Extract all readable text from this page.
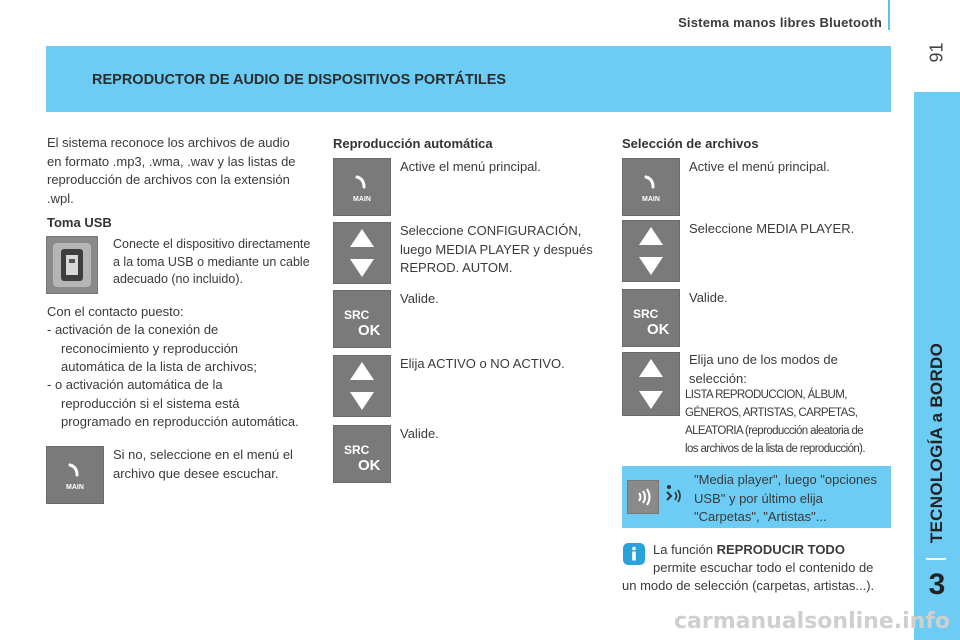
Sistema manos libres Bluetooth
91
REPRODUCTOR DE AUDIO DE DISPOSITIVOS PORTÁTILES
TECNOLOGÍA a BORDO
3
El sistema reconoce los archivos de audio
en formato .mp3, .wma, .wav y las listas de
reproducción de archivos con la extensión
.wpl.
Toma USB
Conecte el dispositivo directamente
a la toma USB o mediante un cable
adecuado (no incluido).
Con el contacto puesto:
- activación de la conexión de
reconocimiento y reproducción
automática de la lista de archivos;
- o activación automática de la
reproducción si el sistema está
programado en reproducción automática.
MAIN
Si no, seleccione en el menú el
archivo que desee escuchar.
Reproducción automática
MAIN
Active el menú principal.
Seleccione CONFIGURACIÓN,
luego MEDIA PLAYER y después
REPROD. AUTOM.
SRC
OK
Valide.
Elija ACTIVO o NO ACTIVO.
SRC
OK
Valide.
Selección de archivos
MAIN
Active el menú principal.
Seleccione MEDIA PLAYER.
SRC
OK
Valide.
Elija uno de los modos de
selección:
LISTA REPRODUCCION, ÁLBUM,
GÉNEROS, ARTISTAS, CARPETAS,
ALEATORIA (reproducción aleatoria de
los archivos de la lista de reproducción).
"Media player", luego "opciones
USB" y por último elija
"Carpetas", "Artistas"...
La función REPRODUCIR TODO
permite escuchar todo el contenido de
un modo de selección (carpetas, artistas...).
carmanualsonline.info
